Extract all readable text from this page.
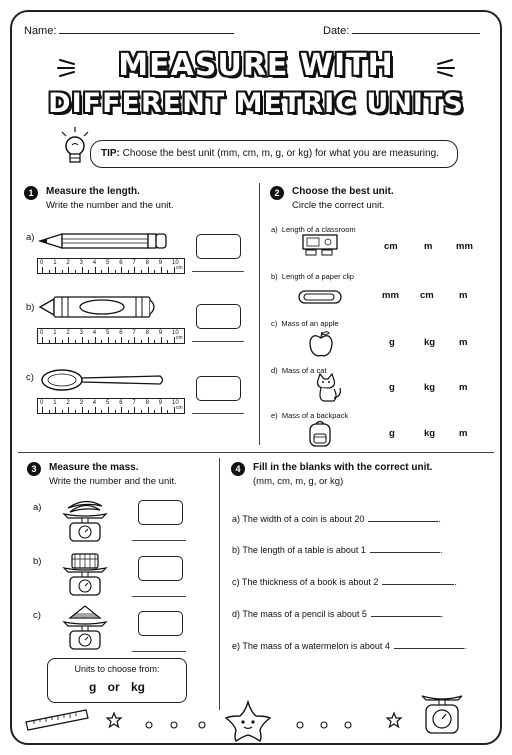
Name:	Date:
MEASURE WITH
DIFFERENT METRIC UNITS
TIP: Choose the best unit (mm, cm, m, g, or kg) for what you are measuring.
1	Measure the length.
Write the number and the unit.
a)
b)
c)
0 1 2 3 4 5 6 7 8 9 10
cm
0 1 2 3 4 5 6 7 8 9 10
cm
0 1 2 3 4 5 6 7 8 9 10
cm
2	Choose the best unit.
Circle the correct unit.
a) Length of a classroom
cm	m mm
b) Length of a paper clip
mm cm	m
c) Mass of an apple
g	kg	m
d) Mass of a cat
g	kg	m
e) Mass of a backpack
g	kg	m
3	Measure the mass.
Write the number and the unit.
a)
b)
c)
Units to choose from:
g or kg
4	Fill in the blanks with the correct unit.
(mm, cm, m, g, or kg)
a) The width of a coin is about 20	.
b) The length of a table is about 1	.
c) The thickness of a book is about 2	.
d) The mass of a pencil is about 5	.
e) The mass of a watermelon is about 4	.
